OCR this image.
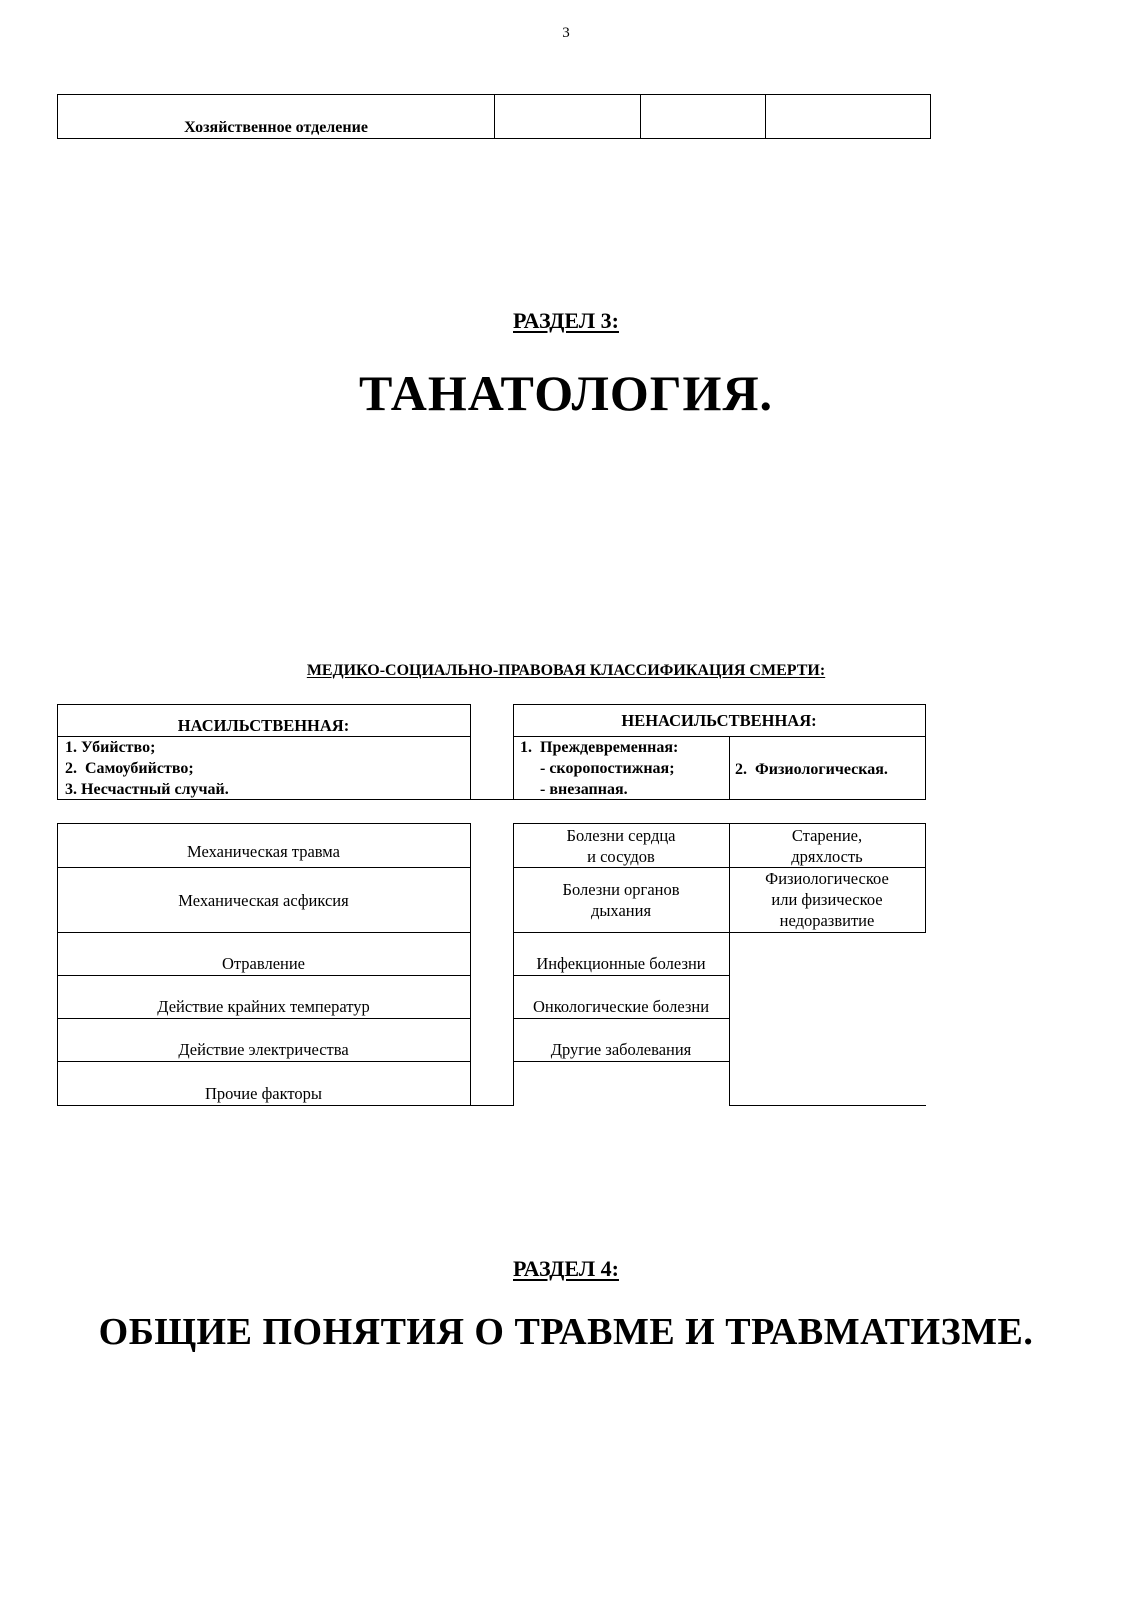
3
Хозяйственное отделение
РАЗДЕЛ 3:
ТАНАТОЛОГИЯ.
МЕДИКО-СОЦИАЛЬНО-ПРАВОВАЯ КЛАССИФИКАЦИЯ СМЕРТИ:
НАСИЛЬСТВЕННАЯ:
1. Убийство;
2.  Самоубийство;
3. Несчастный случай.
НЕНАСИЛЬСТВЕННАЯ:
1.  Преждевременная:
- скоропостижная;
- внезапная.
2.  Физиологическая.
Механическая травма
Механическая асфиксия
Отравление
Действие крайних температур
Действие электричества
Прочие факторы
Болезни сердца
и сосудов
Болезни органов
дыхания
Инфекционные болезни
Онкологические болезни
Другие заболевания
Старение,
дряхлость
Физиологическое
или физическое
недоразвитие
РАЗДЕЛ 4:
ОБЩИЕ ПОНЯТИЯ О ТРАВМЕ И ТРАВМАТИЗМЕ.
